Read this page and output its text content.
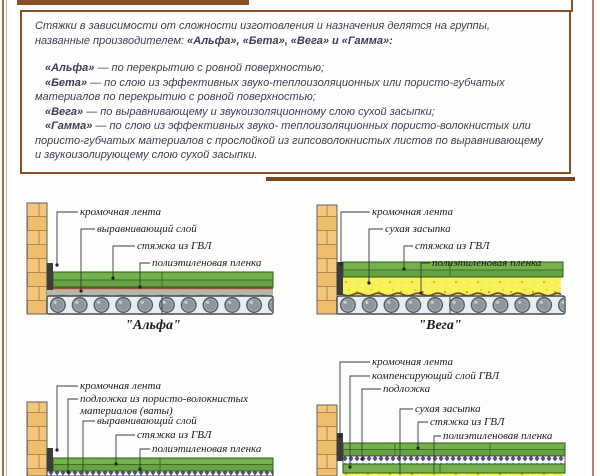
Стяжки в зависимости от сложности изготовления и назначения делятся на группы, названные производителем: «Альфа», «Бета», «Вега» и «Гамма»:
«Альфа» — по перекрытию с ровной поверхностью;
«Бета» — по слою из эффективных звуко-теплоизоляционных или пористо-губчатых материалов по перекрытию с ровной поверхностью;
«Вега» — по выравнивающему и звукоизоляционному слою сухой засыпки;
«Гамма» — по слою из эффективных звуко- теплоизоляционных пористо-волокнистых или пористо-губчатых материалов с прослойкой из гипсоволокнистых листов по выравнивающему и звукоизолирующему слою сухой засыпки.
кромочная лента
выравнивающий слой
стяжка из ГВЛ
полиэтиленовая пленка
"Альфа"
кромочная лента
сухая засыпка
стяжка из ГВЛ
полиэтиленовая пленка
"Вега"
кромочная лента
подложка из пористо-волокнистых материалов (ваты)
выравнивающий слой
стяжка из ГВЛ
полиэтиленовая пленка
кромочная лента
компенсирующий слой ГВЛ
подложка
сухая засыпка
стяжка из ГВЛ
полиэтиленовая пленка
